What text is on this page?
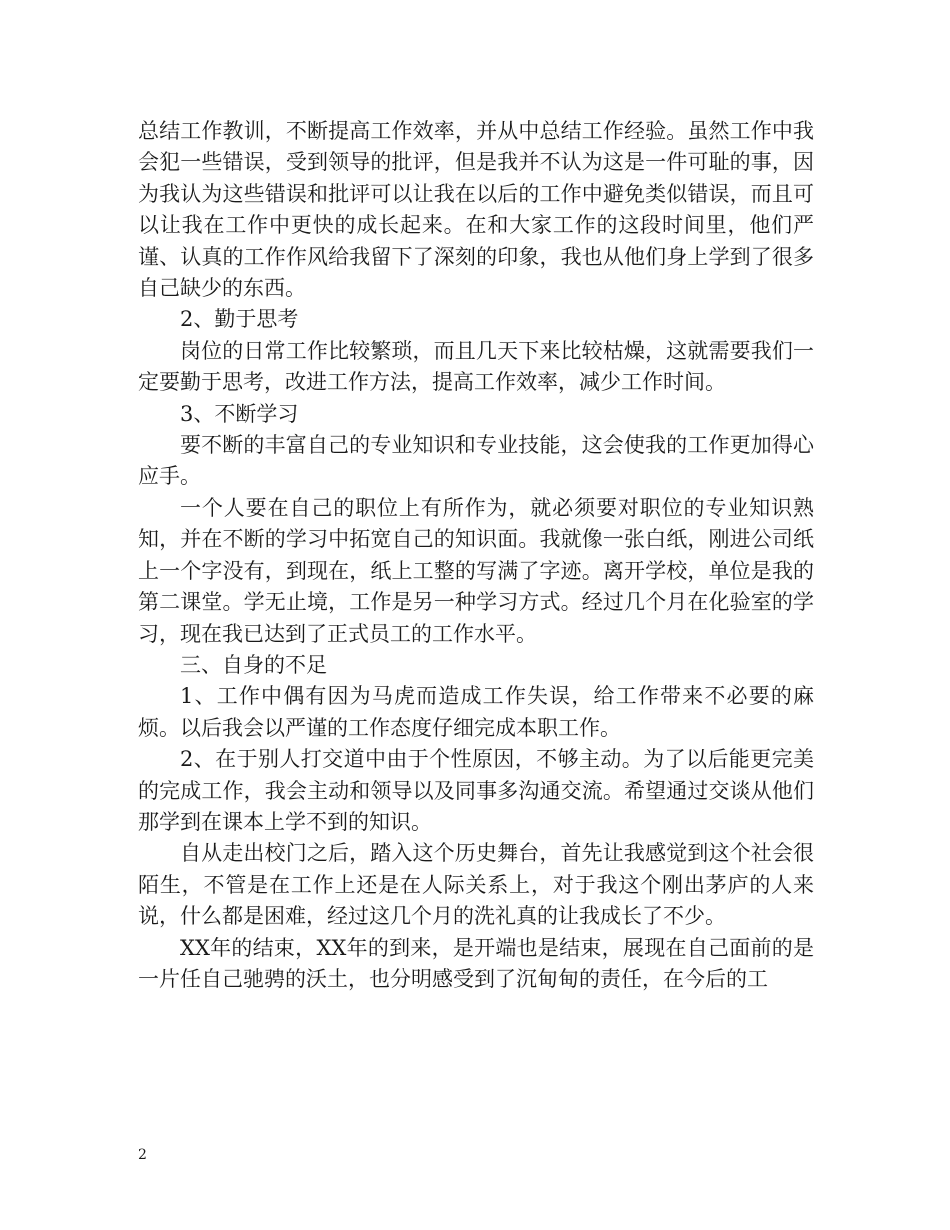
总结工作教训，不断提高工作效率，并从中总结工作经验。虽然工作中我会犯一些错误，受到领导的批评，但是我并不认为这是一件可耻的事，因为我认为这些错误和批评可以让我在以后的工作中避免类似错误，而且可以让我在工作中更快的成长起来。在和大家工作的这段时间里，他们严谨、认真的工作作风给我留下了深刻的印象，我也从他们身上学到了很多自己缺少的东西。

2、勤于思考

岗位的日常工作比较繁琐，而且几天下来比较枯燥，这就需要我们一定要勤于思考，改进工作方法，提高工作效率，减少工作时间。

3、不断学习

要不断的丰富自己的专业知识和专业技能，这会使我的工作更加得心应手。

一个人要在自己的职位上有所作为，就必须要对职位的专业知识熟知，并在不断的学习中拓宽自己的知识面。我就像一张白纸，刚进公司纸上一个字没有，到现在，纸上工整的写满了字迹。离开学校，单位是我的第二课堂。学无止境，工作是另一种学习方式。经过几个月在化验室的学习，现在我已达到了正式员工的工作水平。

三、自身的不足

1、工作中偶有因为马虎而造成工作失误，给工作带来不必要的麻烦。以后我会以严谨的工作态度仔细完成本职工作。

2、在于别人打交道中由于个性原因，不够主动。为了以后能更完美的完成工作，我会主动和领导以及同事多沟通交流。希望通过交谈从他们那学到在课本上学不到的知识。

自从走出校门之后，踏入这个历史舞台，首先让我感觉到这个社会很陌生，不管是在工作上还是在人际关系上，对于我这个刚出茅庐的人来说，什么都是困难，经过这几个月的洗礼真的让我成长了不少。

XX年的结束，XX年的到来，是开端也是结束，展现在自己面前的是一片任自己驰骋的沃土，也分明感受到了沉甸甸的责任，在今后的工

2
